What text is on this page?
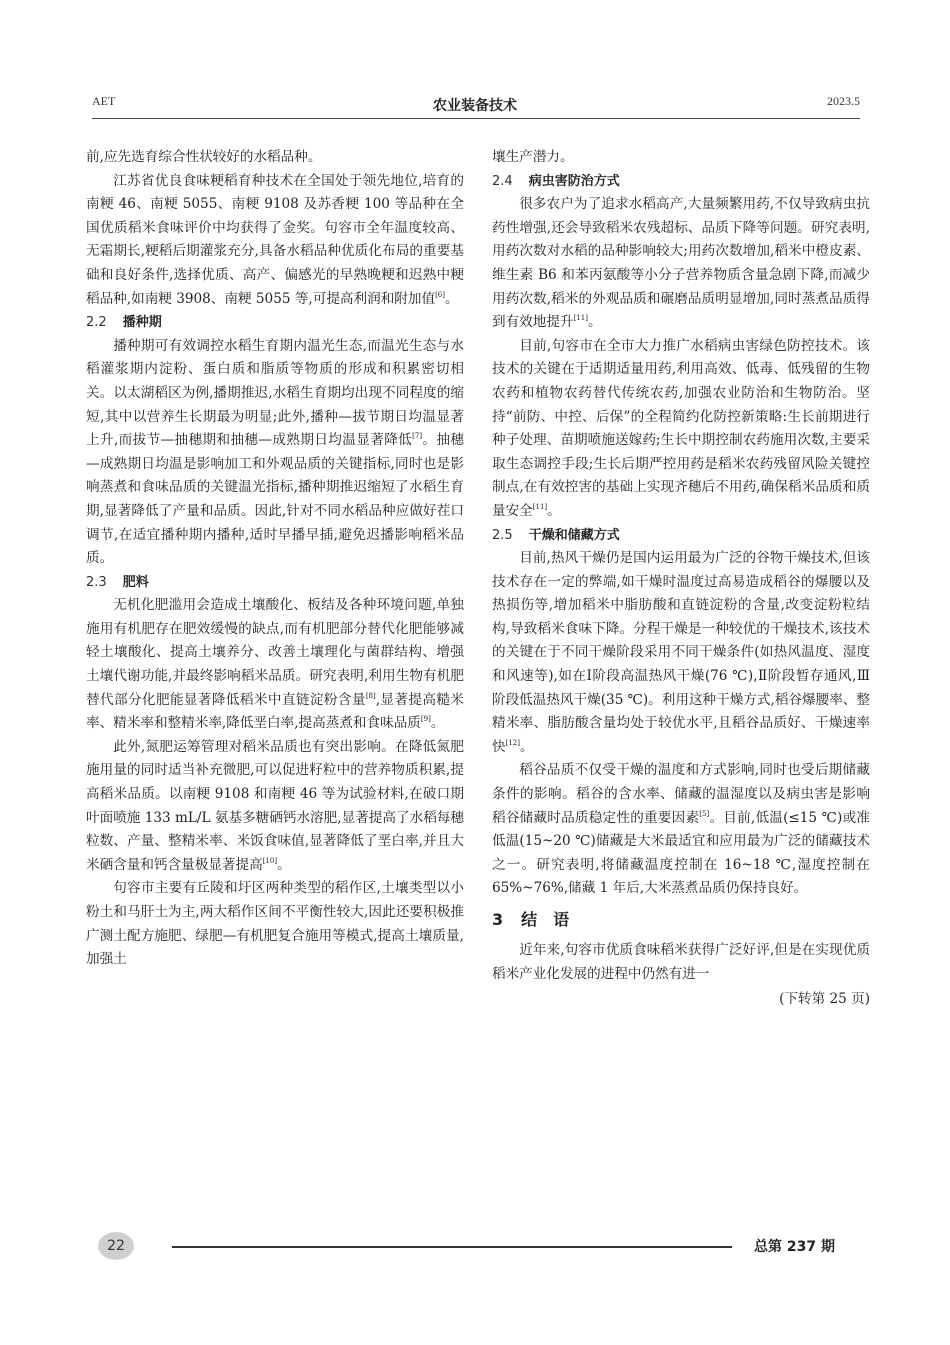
AET	农业装备技术	2023.5

前,应先选育综合性状较好的水稻品种。

江苏省优良食味粳稻育种技术在全国处于领先地位,培育的南粳 46、南粳 5055、南粳 9108 及苏香粳 100 等品种在全国优质稻米食味评价中均获得了金奖。句容市全年温度较高、无霜期长,粳稻后期灌浆充分,具备水稻品种优质化布局的重要基础和良好条件,选择优质、高产、偏感光的早熟晚粳和迟熟中粳稻品种,如南粳 3908、南粳 5055 等,可提高利润和附加值[6]。

2.2 播种期

播种期可有效调控水稻生育期内温光生态,而温光生态与水稻灌浆期内淀粉、蛋白质和脂质等物质的形成和积累密切相关。以太湖稻区为例,播期推迟,水稻生育期均出现不同程度的缩短,其中以营养生长期最为明显;此外,播种—拔节期日均温显著上升,而拔节—抽穗期和抽穗—成熟期日均温显著降低[7]。抽穗—成熟期日均温是影响加工和外观品质的关键指标,同时也是影响蒸煮和食味品质的关键温光指标,播种期推迟缩短了水稻生育期,显著降低了产量和品质。因此,针对不同水稻品种应做好茬口调节,在适宜播种期内播种,适时早播早插,避免迟播影响稻米品质。

2.3 肥料

无机化肥滥用会造成土壤酸化、板结及各种环境问题,单独施用有机肥存在肥效缓慢的缺点,而有机肥部分替代化肥能够减轻土壤酸化、提高土壤养分、改善土壤理化与菌群结构、增强土壤代谢功能,并最终影响稻米品质。研究表明,利用生物有机肥替代部分化肥能显著降低稻米中直链淀粉含量[8],显著提高糙米率、精米率和整精米率,降低垩白率,提高蒸煮和食味品质[9]。

此外,氮肥运筹管理对稻米品质也有突出影响。在降低氮肥施用量的同时适当补充微肥,可以促进籽粒中的营养物质积累,提高稻米品质。以南粳 9108 和南粳 46 等为试验材料,在破口期叶面喷施 133 mL/L 氨基多糖硒钙水溶肥,显著提高了水稻每穗粒数、产量、整精米率、米饭食味值,显著降低了垩白率,并且大米硒含量和钙含量极显著提高[10]。

句容市主要有丘陵和圩区两种类型的稻作区,土壤类型以小粉土和马肝土为主,两大稻作区间不平衡性较大,因此还要积极推广测土配方施肥、绿肥—有机肥复合施用等模式,提高土壤质量,加强土

壤生产潜力。

2.4 病虫害防治方式

很多农户为了追求水稻高产,大量频繁用药,不仅导致病虫抗药性增强,还会导致稻米农残超标、品质下降等问题。研究表明,用药次数对水稻的品种影响较大;用药次数增加,稻米中橙皮素、维生素 B6 和苯丙氨酸等小分子营养物质含量急剧下降,而减少用药次数,稻米的外观品质和碾磨品质明显增加,同时蒸煮品质得到有效地提升[11]。

目前,句容市在全市大力推广水稻病虫害绿色防控技术。该技术的关键在于适期适量用药,利用高效、低毒、低残留的生物农药和植物农药替代传统农药,加强农业防治和生物防治。坚持“前防、中控、后保”的全程简约化防控新策略:生长前期进行种子处理、苗期喷施送嫁药;生长中期控制农药施用次数,主要采取生态调控手段;生长后期严控用药是稻米农药残留风险关键控制点,在有效控害的基础上实现齐穗后不用药,确保稻米品质和质量安全[11]。

2.5 干燥和储藏方式

目前,热风干燥仍是国内运用最为广泛的谷物干燥技术,但该技术存在一定的弊端,如干燥时温度过高易造成稻谷的爆腰以及热损伤等,增加稻米中脂肪酸和直链淀粉的含量,改变淀粉粒结构,导致稻米食味下降。分程干燥是一种较优的干燥技术,该技术的关键在于不同干燥阶段采用不同干燥条件(如热风温度、湿度和风速等),如在Ⅰ阶段高温热风干燥(76 ℃),Ⅱ阶段暂存通风,Ⅲ阶段低温热风干燥(35 ℃)。利用这种干燥方式,稻谷爆腰率、整精米率、脂肪酸含量均处于较优水平,且稻谷品质好、干燥速率快[12]。

稻谷品质不仅受干燥的温度和方式影响,同时也受后期储藏条件的影响。稻谷的含水率、储藏的温湿度以及病虫害是影响稻谷储藏时品质稳定性的重要因素[5]。目前,低温(≤15 ℃)或准低温(15~20 ℃)储藏是大米最适宜和应用最为广泛的储藏技术之一。研究表明,将储藏温度控制在 16~18 ℃,湿度控制在 65%~76%,储藏 1 年后,大米蒸煮品质仍保持良好。

3 结　语

近年来,句容市优质食味稻米获得广泛好评,但是在实现优质稻米产业化发展的进程中仍然有进一

(下转第 25 页)
22	总第 237 期
